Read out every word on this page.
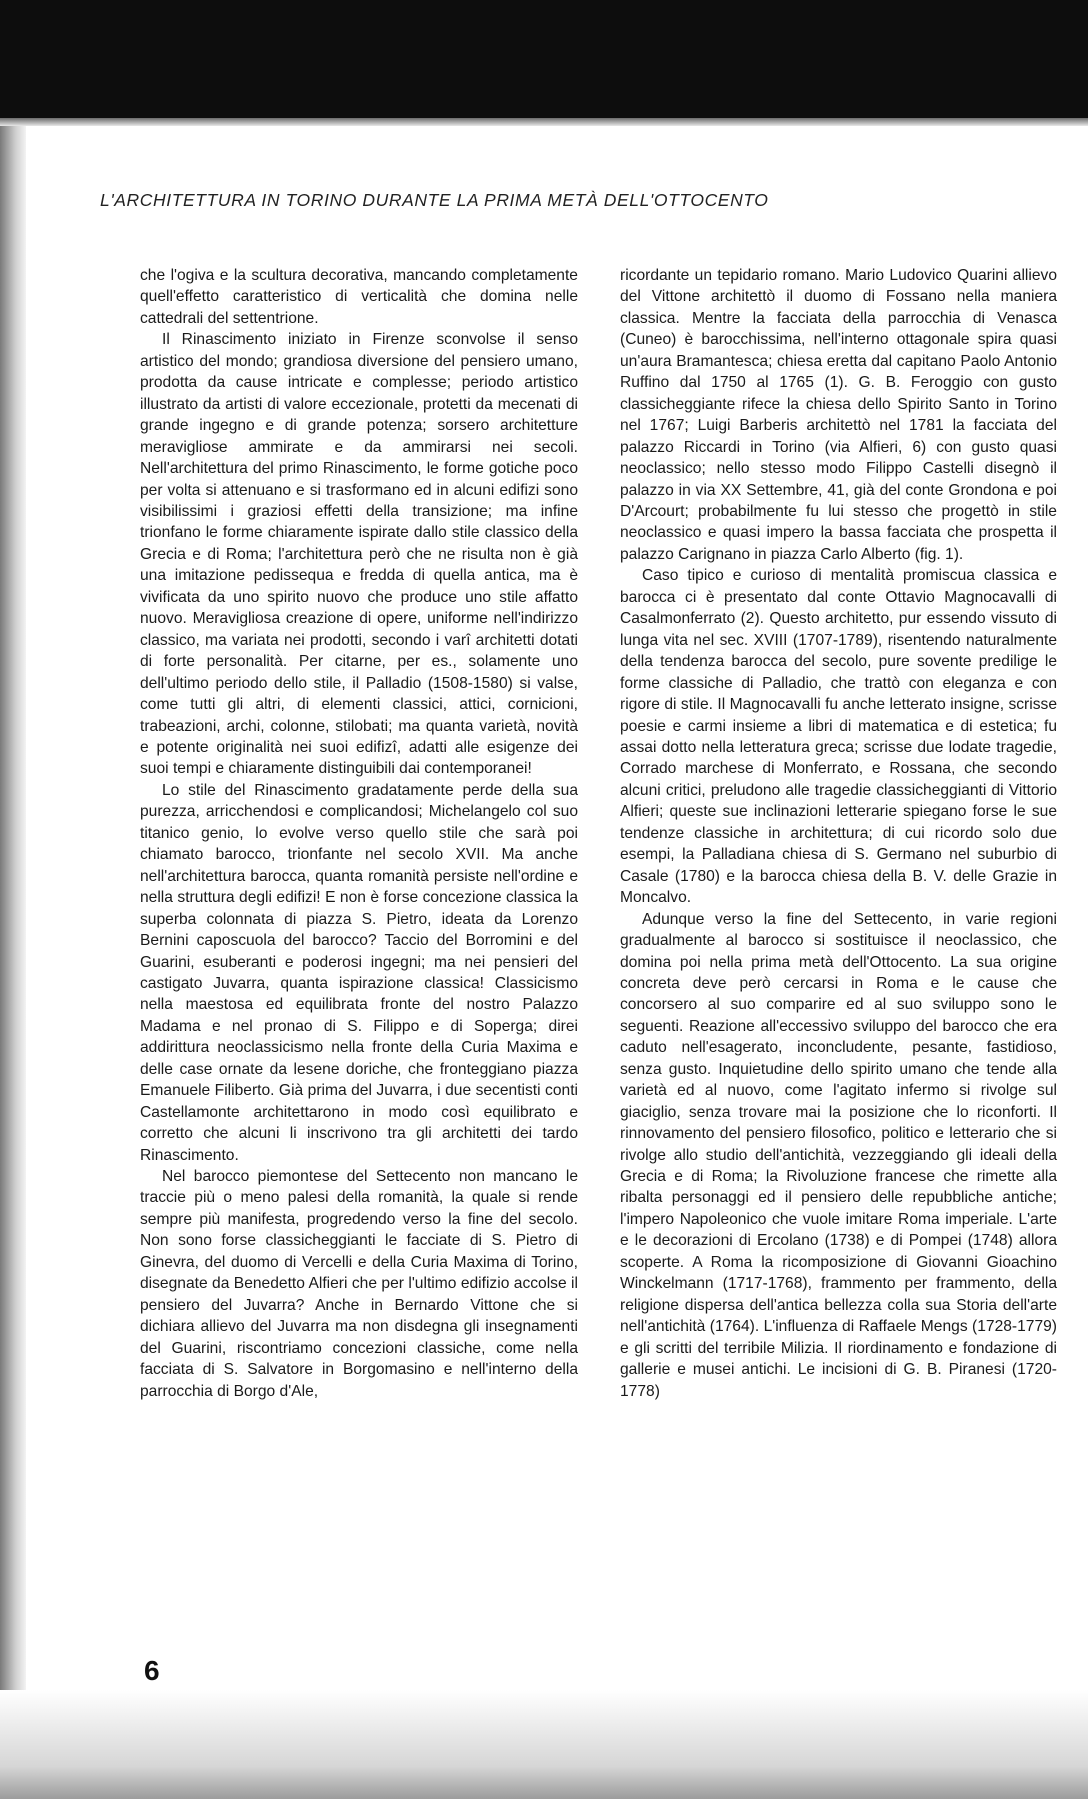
L'ARCHITETTURA IN TORINO DURANTE LA PRIMA METÀ DELL'OTTOCENTO

che l'ogiva e la scultura decorativa, mancando completamente quell'effetto caratteristico di verticalità che domina nelle cattedrali del settentrione.

Il Rinascimento iniziato in Firenze sconvolse il senso artistico del mondo; grandiosa diversione del pensiero umano, prodotta da cause intricate e complesse; periodo artistico illustrato da artisti di valore eccezionale, protetti da mecenati di grande ingegno e di grande potenza; sorsero architetture meravigliose ammirate e da ammirarsi nei secoli. Nell'architettura del primo Rinascimento, le forme gotiche poco per volta si attenuano e si trasformano ed in alcuni edifizi sono visibilissimi i graziosi effetti della transizione; ma infine trionfano le forme chiaramente ispirate dallo stile classico della Grecia e di Roma; l'architettura però che ne risulta non è già una imitazione pedissequa e fredda di quella antica, ma è vivificata da uno spirito nuovo che produce uno stile affatto nuovo. Meravigliosa creazione di opere, uniforme nell'indirizzo classico, ma variata nei prodotti, secondo i varî architetti dotati di forte personalità. Per citarne, per es., solamente uno dell'ultimo periodo dello stile, il Palladio (1508-1580) si valse, come tutti gli altri, di elementi classici, attici, cornicioni, trabeazioni, archi, colonne, stilobati; ma quanta varietà, novità e potente originalità nei suoi edifizî, adatti alle esigenze dei suoi tempi e chiaramente distinguibili dai contemporanei!

Lo stile del Rinascimento gradatamente perde della sua purezza, arricchendosi e complicandosi; Michelangelo col suo titanico genio, lo evolve verso quello stile che sarà poi chiamato barocco, trionfante nel secolo XVII. Ma anche nell'architettura barocca, quanta romanità persiste nell'ordine e nella struttura degli edifizi! E non è forse concezione classica la superba colonnata di piazza S. Pietro, ideata da Lorenzo Bernini caposcuola del barocco? Taccio del Borromini e del Guarini, esuberanti e poderosi ingegni; ma nei pensieri del castigato Juvarra, quanta ispirazione classica! Classicismo nella maestosa ed equilibrata fronte del nostro Palazzo Madama e nel pronao di S. Filippo e di Soperga; direi addirittura neoclassicismo nella fronte della Curia Maxima e delle case ornate da lesene doriche, che fronteggiano piazza Emanuele Filiberto. Già prima del Juvarra, i due secentisti conti Castellamonte architettarono in modo così equilibrato e corretto che alcuni li inscrivono tra gli architetti dei tardo Rinascimento.

Nel barocco piemontese del Settecento non mancano le traccie più o meno palesi della romanità, la quale si rende sempre più manifesta, progredendo verso la fine del secolo. Non sono forse classicheggianti le facciate di S. Pietro di Ginevra, del duomo di Vercelli e della Curia Maxima di Torino, disegnate da Benedetto Alfieri che per l'ultimo edifizio accolse il pensiero del Juvarra? Anche in Bernardo Vittone che si dichiara allievo del Juvarra ma non disdegna gli insegnamenti del Guarini, riscontriamo concezioni classiche, come nella facciata di S. Salvatore in Borgomasino e nell'interno della parrocchia di Borgo d'Ale,

ricordante un tepidario romano. Mario Ludovico Quarini allievo del Vittone architettò il duomo di Fossano nella maniera classica. Mentre la facciata della parrocchia di Venasca (Cuneo) è barocchissima, nell'interno ottagonale spira quasi un'aura Bramantesca; chiesa eretta dal capitano Paolo Antonio Ruffino dal 1750 al 1765 (1). G. B. Feroggio con gusto classicheggiante rifece la chiesa dello Spirito Santo in Torino nel 1767; Luigi Barberis architettò nel 1781 la facciata del palazzo Riccardi in Torino (via Alfieri, 6) con gusto quasi neoclassico; nello stesso modo Filippo Castelli disegnò il palazzo in via XX Settembre, 41, già del conte Grondona e poi D'Arcourt; probabilmente fu lui stesso che progettò in stile neoclassico e quasi impero la bassa facciata che prospetta il palazzo Carignano in piazza Carlo Alberto (fig. 1).

Caso tipico e curioso di mentalità promiscua classica e barocca ci è presentato dal conte Ottavio Magnocavalli di Casalmonferrato (2). Questo architetto, pur essendo vissuto di lunga vita nel sec. XVIII (1707-1789), risentendo naturalmente della tendenza barocca del secolo, pure sovente predilige le forme classiche di Palladio, che trattò con eleganza e con rigore di stile. Il Magnocavalli fu anche letterato insigne, scrisse poesie e carmi insieme a libri di matematica e di estetica; fu assai dotto nella letteratura greca; scrisse due lodate tragedie, Corrado marchese di Monferrato, e Rossana, che secondo alcuni critici, preludono alle tragedie classicheggianti di Vittorio Alfieri; queste sue inclinazioni letterarie spiegano forse le sue tendenze classiche in architettura; di cui ricordo solo due esempi, la Palladiana chiesa di S. Germano nel suburbio di Casale (1780) e la barocca chiesa della B. V. delle Grazie in Moncalvo.

Adunque verso la fine del Settecento, in varie regioni gradualmente al barocco si sostituisce il neoclassico, che domina poi nella prima metà dell'Ottocento. La sua origine concreta deve però cercarsi in Roma e le cause che concorsero al suo comparire ed al suo sviluppo sono le seguenti. Reazione all'eccessivo sviluppo del barocco che era caduto nell'esagerato, inconcludente, pesante, fastidioso, senza gusto. Inquietudine dello spirito umano che tende alla varietà ed al nuovo, come l'agitato infermo si rivolge sul giaciglio, senza trovare mai la posizione che lo riconforti. Il rinnovamento del pensiero filosofico, politico e letterario che si rivolge allo studio dell'antichità, vezzeggiando gli ideali della Grecia e di Roma; la Rivoluzione francese che rimette alla ribalta personaggi ed il pensiero delle repubbliche antiche; l'impero Napoleonico che vuole imitare Roma imperiale. L'arte e le decorazioni di Ercolano (1738) e di Pompei (1748) allora scoperte. A Roma la ricomposizione di Giovanni Gioachino Winckelmann (1717-1768), frammento per frammento, della religione dispersa dell'antica bellezza colla sua Storia dell'arte nell'antichità (1764). L'influenza di Raffaele Mengs (1728-1779) e gli scritti del terribile Milizia. Il riordinamento e fondazione di gallerie e musei antichi. Le incisioni di G. B. Piranesi (1720-1778)

6
